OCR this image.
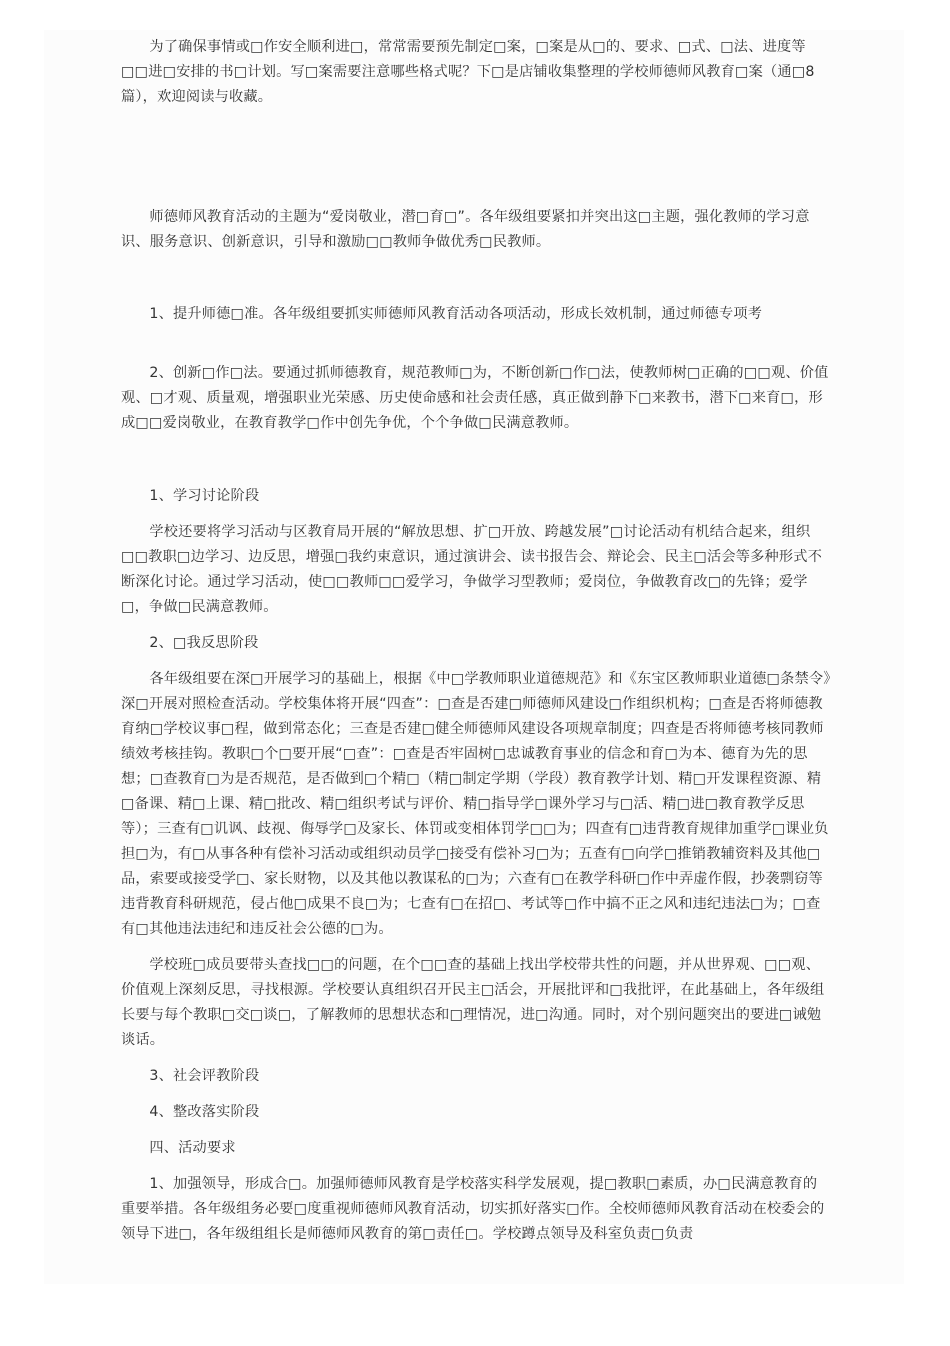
为了确保事情或□作安全顺利进□，常常需要预先制定□案，□案是从□的、要求、□式、□法、进度等□□进□安排的书□计划。写□案需要注意哪些格式呢？下□是店铺收集整理的学校师德师风教育□案（通□8 篇），欢迎阅读与收藏。

师德师风教育活动的主题为“爱岗敬业，潜□育□”。各年级组要紧扣并突出这□主题，强化教师的学习意识、服务意识、创新意识，引导和激励□□教师争做优秀□民教师。

1、提升师德□准。各年级组要抓实师德师风教育活动各项活动，形成长效机制，通过师德专项考

2、创新□作□法。要通过抓师德教育，规范教师□为，不断创新□作□法，使教师树□正确的□□观、价值观、□才观、质量观，增强职业光荣感、历史使命感和社会责任感，真正做到静下□来教书，潜下□来育□，形成□□爱岗敬业，在教育教学□作中创先争优，个个争做□民满意教师。

1、学习讨论阶段

学校还要将学习活动与区教育局开展的“解放思想、扩□开放、跨越发展”□讨论活动有机结合起来，组织□□教职□边学习、边反思，增强□我约束意识，通过演讲会、读书报告会、辩论会、民主□活会等多种形式不断深化讨论。通过学习活动，使□□教师□□爱学习，争做学习型教师；爱岗位，争做教育改□的先锋；爱学□，争做□民满意教师。

2、□我反思阶段

各年级组要在深□开展学习的基础上，根据《中□学教师职业道德规范》和《东宝区教师职业道德□条禁令》深□开展对照检查活动。学校集体将开展“四查”：□查是否建□师德师风建设□作组织机构；□查是否将师德教育纳□学校议事□程，做到常态化；三查是否建□健全师德师风建设各项规章制度；四查是否将师德考核同教师绩效考核挂钩。教职□个□要开展“□查”：□查是否牢固树□忠诚教育事业的信念和育□为本、德育为先的思想；□查教育□为是否规范，是否做到□个精□（精□制定学期（学段）教育教学计划、精□开发课程资源、精□备课、精□上课、精□批改、精□组织考试与评价、精□指导学□课外学习与□活、精□进□教育教学反思等）；三查有□讥讽、歧视、侮辱学□及家长、体罚或变相体罚学□□为；四查有□违背教育规律加重学□课业负担□为，有□从事各种有偿补习活动或组织动员学□接受有偿补习□为；五查有□向学□推销教辅资料及其他□品，索要或接受学□、家长财物，以及其他以教谋私的□为；六查有□在教学科研□作中弄虚作假，抄袭剽窃等违背教育科研规范，侵占他□成果不良□为；七查有□在招□、考试等□作中搞不正之风和违纪违法□为；□查有□其他违法违纪和违反社会公德的□为。

学校班□成员要带头查找□□的问题，在个□□查的基础上找出学校带共性的问题，并从世界观、□□观、价值观上深刻反思，寻找根源。学校要认真组织召开民主□活会，开展批评和□我批评，在此基础上，各年级组长要与每个教职□交□谈□，了解教师的思想状态和□理情况，进□沟通。同时，对个别问题突出的要进□诫勉谈话。

3、社会评教阶段

4、整改落实阶段

四、活动要求

1、加强领导，形成合□。加强师德师风教育是学校落实科学发展观，提□教职□素质，办□民满意教育的重要举措。各年级组务必要□度重视师德师风教育活动，切实抓好落实□作。全校师德师风教育活动在校委会的领导下进□，各年级组组长是师德师风教育的第□责任□。学校蹲点领导及科室负责□负责
